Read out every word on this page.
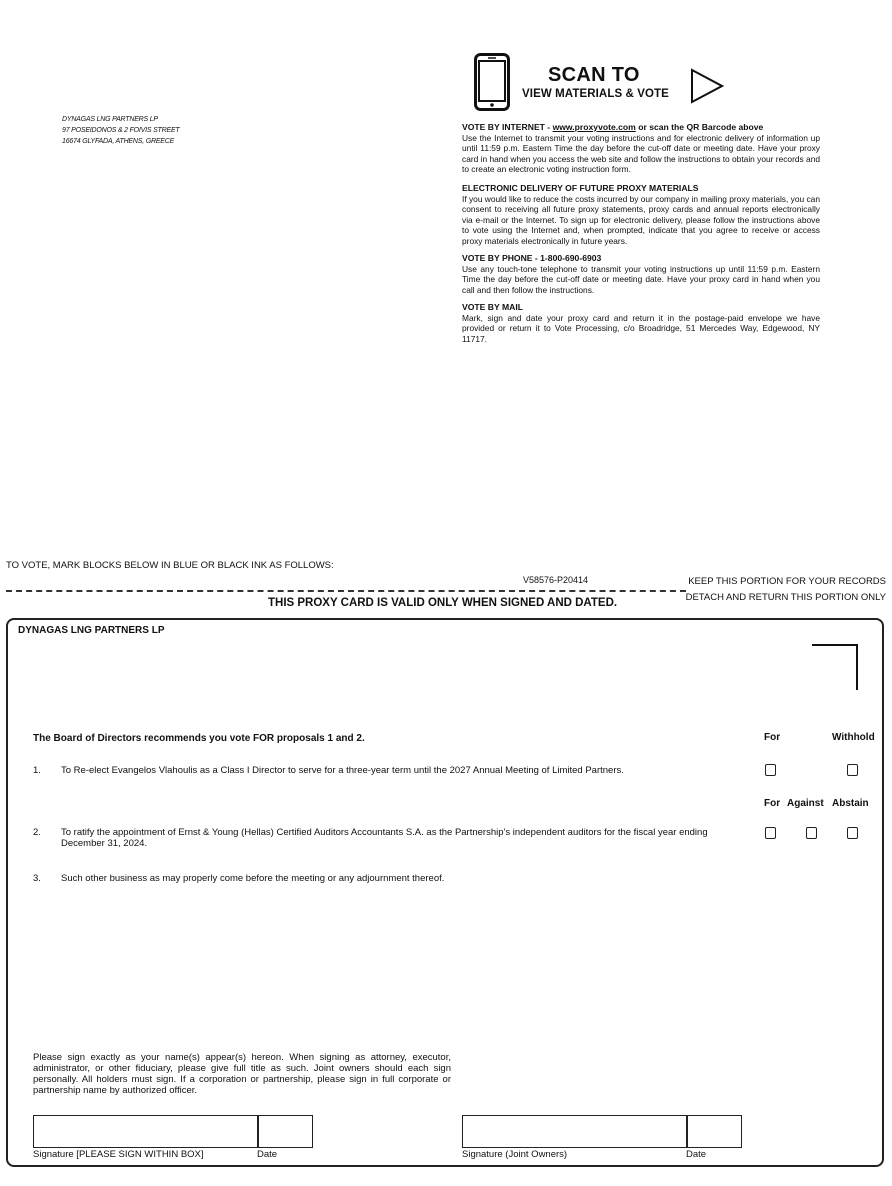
DYNAGAS LNG PARTNERS LP
97 POSEIDONOS & 2 FOIVIS STREET
16674 GLYFADA, ATHENS, GREECE
SCAN TO
VIEW MATERIALS & VOTE
VOTE BY INTERNET - www.proxyvote.com or scan the QR Barcode above
Use the Internet to transmit your voting instructions and for electronic delivery of information up until 11:59 p.m. Eastern Time the day before the cut-off date or meeting date. Have your proxy card in hand when you access the web site and follow the instructions to obtain your records and to create an electronic voting instruction form.
ELECTRONIC DELIVERY OF FUTURE PROXY MATERIALS
If you would like to reduce the costs incurred by our company in mailing proxy materials, you can consent to receiving all future proxy statements, proxy cards and annual reports electronically via e-mail or the Internet. To sign up for electronic delivery, please follow the instructions above to vote using the Internet and, when prompted, indicate that you agree to receive or access proxy materials electronically in future years.
VOTE BY PHONE - 1-800-690-6903
Use any touch-tone telephone to transmit your voting instructions up until 11:59 p.m. Eastern Time the day before the cut-off date or meeting date. Have your proxy card in hand when you call and then follow the instructions.
VOTE BY MAIL
Mark, sign and date your proxy card and return it in the postage-paid envelope we have provided or return it to Vote Processing, c/o Broadridge, 51 Mercedes Way, Edgewood, NY 11717.
TO VOTE, MARK BLOCKS BELOW IN BLUE OR BLACK INK AS FOLLOWS:
V58576-P20414	KEEP THIS PORTION FOR YOUR RECORDS
DETACH AND RETURN THIS PORTION ONLY
THIS PROXY CARD IS VALID ONLY WHEN SIGNED AND DATED.
DYNAGAS LNG PARTNERS LP
The Board of Directors recommends you vote FOR proposals 1 and 2.	For	Withhold
1. To Re-elect Evangelos Vlahoulis as a Class I Director to serve for a three-year term until the 2027 Annual Meeting of Limited Partners.
For Against Abstain
2. To ratify the appointment of Ernst & Young (Hellas) Certified Auditors Accountants S.A. as the Partnership's independent auditors for the fiscal year ending December 31, 2024.
3. Such other business as may properly come before the meeting or any adjournment thereof.
Please sign exactly as your name(s) appear(s) hereon. When signing as attorney, executor, administrator, or other fiduciary, please give full title as such. Joint owners should each sign personally. All holders must sign. If a corporation or partnership, please sign in full corporate or partnership name by authorized officer.
Signature [PLEASE SIGN WITHIN BOX]	Date	Signature (Joint Owners)	Date
